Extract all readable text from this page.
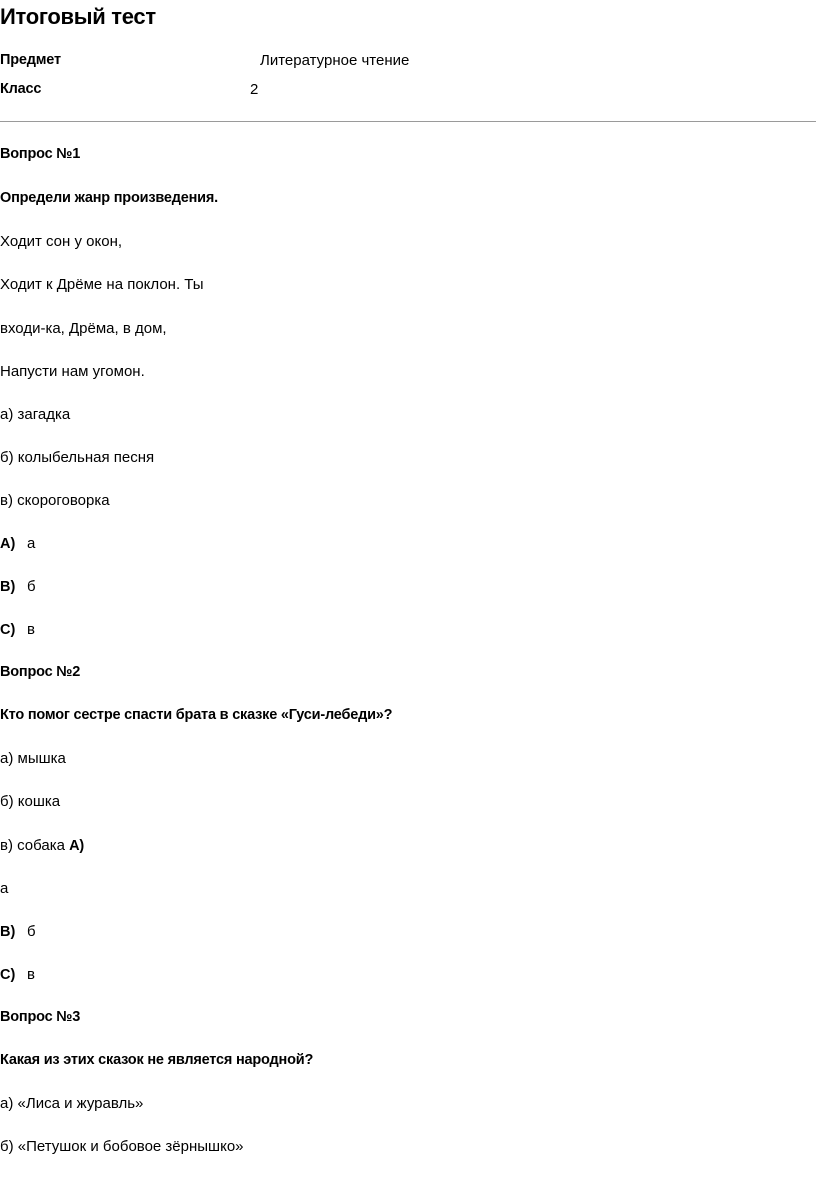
Итоговый тест
Предмет	Литературное чтение
Класс	2
Вопрос №1
Определи жанр произведения.
Ходит сон у окон,
Ходит к Дрёме на поклон. Ты
входи-ка, Дрёма, в дом,
Напусти нам угомон.
а) загадка
б) колыбельная песня
в) скороговорка
A) а
B) б
C) в
Вопрос №2
Кто помог сестре спасти брата в сказке «Гуси-лебеди»?
а) мышка
б) кошка
в) собака A)
а
B) б
C) в
Вопрос №3
Какая из этих сказок не является народной?
а) «Лиса и журавль»
б) «Петушок и бобовое зёрнышко»
